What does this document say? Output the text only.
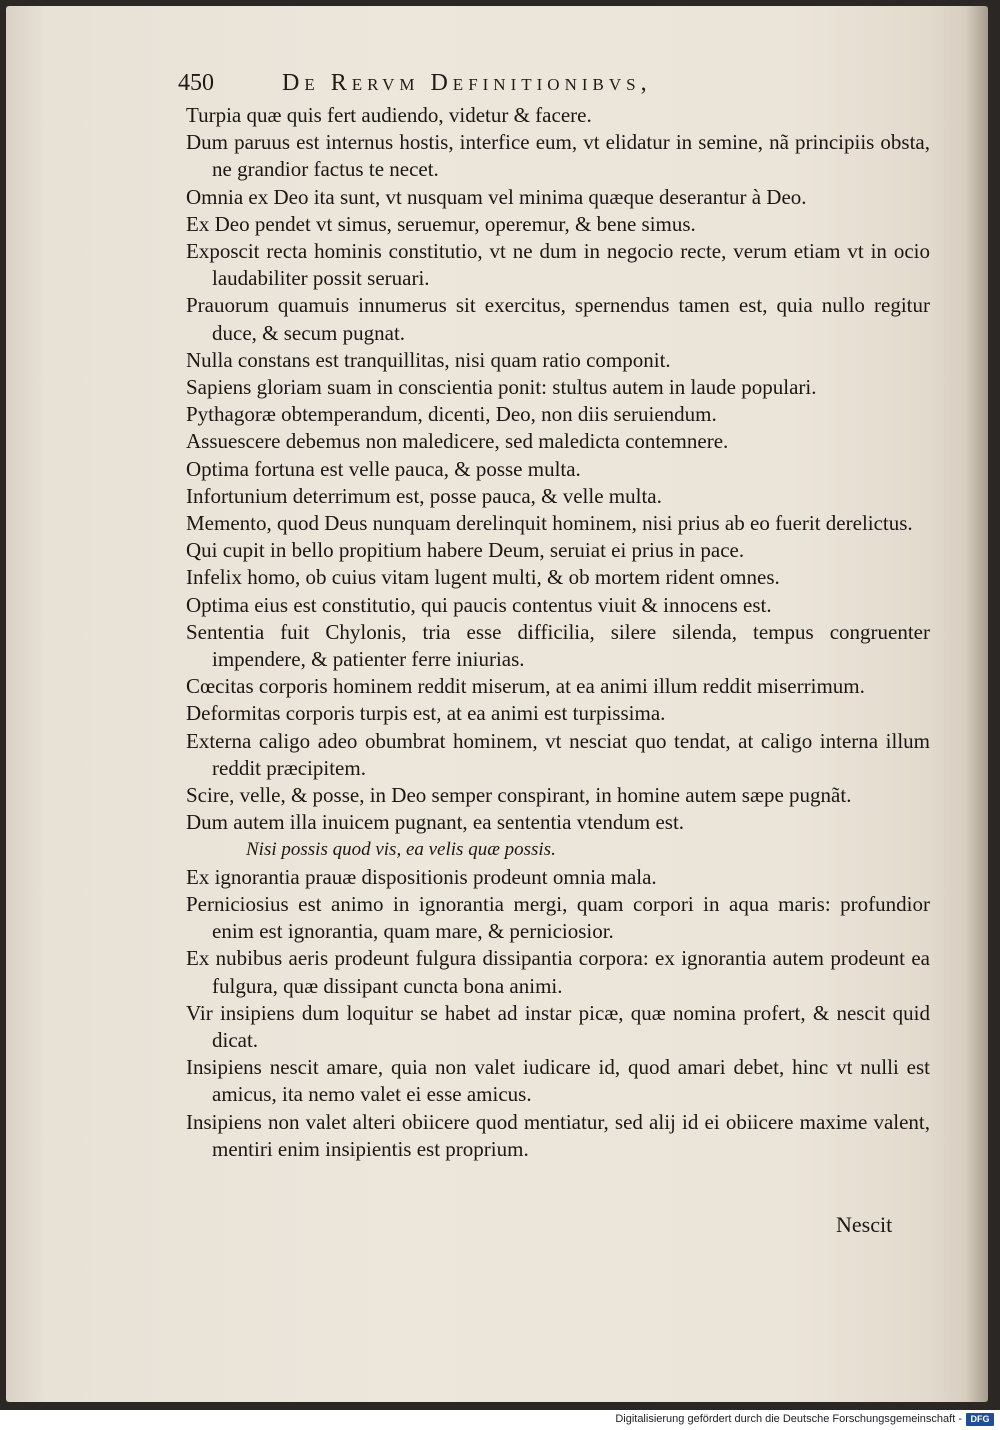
450	De Rervm Definitionibvs,

Turpia quæ quis fert audiendo, videtur & facere.

Dum paruus est internus hostis, interfice eum, vt elidatur in semine, nã principiis obsta, ne grandior factus te necet.

Omnia ex Deo ita sunt, vt nusquam vel minima quæque deserantur à Deo.

Ex Deo pendet vt simus, seruemur, operemur, & bene simus.

Exposcit recta hominis constitutio, vt ne dum in negocio recte, verum etiam vt in ocio laudabiliter possit seruari.

Prauorum quamuis innumerus sit exercitus, spernendus tamen est, quia nullo regitur duce, & secum pugnat.

Nulla constans est tranquillitas, nisi quam ratio componit.

Sapiens gloriam suam in conscientia ponit: stultus autem in laude populari.

Pythagoræ obtemperandum, dicenti, Deo, non diis seruiendum.

Assuescere debemus non maledicere, sed maledicta contemnere.

Optima fortuna est velle pauca, & posse multa.

Infortunium deterrimum est, posse pauca, & velle multa.

Memento, quod Deus nunquam derelinquit hominem, nisi prius ab eo fuerit derelictus.

Qui cupit in bello propitium habere Deum, seruiat ei prius in pace.

Infelix homo, ob cuius vitam lugent multi, & ob mortem rident omnes.

Optima eius est constitutio, qui paucis contentus viuit & innocens est.

Sententia fuit Chylonis, tria esse difficilia, silere silenda, tempus congruenter impendere, & patienter ferre iniurias.

Cœcitas corporis hominem reddit miserum, at ea animi illum reddit miserrimum.

Deformitas corporis turpis est, at ea animi est turpissima.

Externa caligo adeo obumbrat hominem, vt nesciat quo tendat, at caligo interna illum reddit præcipitem.

Scire, velle, & posse, in Deo semper conspirant, in homine autem sæpe pugnãt.

Dum autem illa inuicem pugnant, ea sententia vtendum est.

Nisi possis quod vis, ea velis quæ possis.

Ex ignorantia prauæ dispositionis prodeunt omnia mala.

Perniciosius est animo in ignorantia mergi, quam corpori in aqua maris: profundior enim est ignorantia, quam mare, & perniciosior.

Ex nubibus aeris prodeunt fulgura dissipantia corpora: ex ignorantia autem prodeunt ea fulgura, quæ dissipant cuncta bona animi.

Vir insipiens dum loquitur se habet ad instar picæ, quæ nomina profert, & nescit quid dicat.

Insipiens nescit amare, quia non valet iudicare id, quod amari debet, hinc vt nulli est amicus, ita nemo valet ei esse amicus.

Insipiens non valet alteri obiicere quod mentiatur, sed alij id ei obiicere maxime valent, mentiri enim insipientis est proprium.

Nescit
Digitalisierung gefördert durch die Deutsche Forschungsgemeinschaft - DFG
